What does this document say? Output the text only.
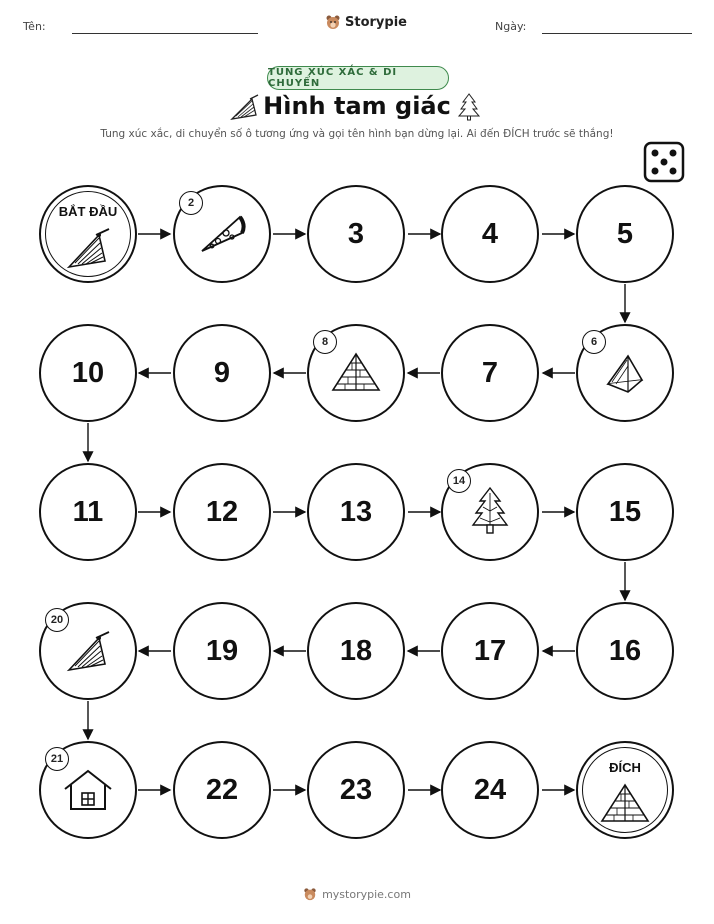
Tên:	Storypie	Ngày:
TUNG XÚC XẮC & DI CHUYỂN
Hình tam giác
Tung xúc xắc, di chuyển số ô tương ứng và gọi tên hình bạn dừng lại. Ai đến ĐÍCH trước sẽ thắng!
BẮT ĐẦU
2
3	4	5
6
7
8
9
10
11	12	13
14
15
16
17
18
19
20
21
22	23	24
ĐÍCH
mystorypie.com
